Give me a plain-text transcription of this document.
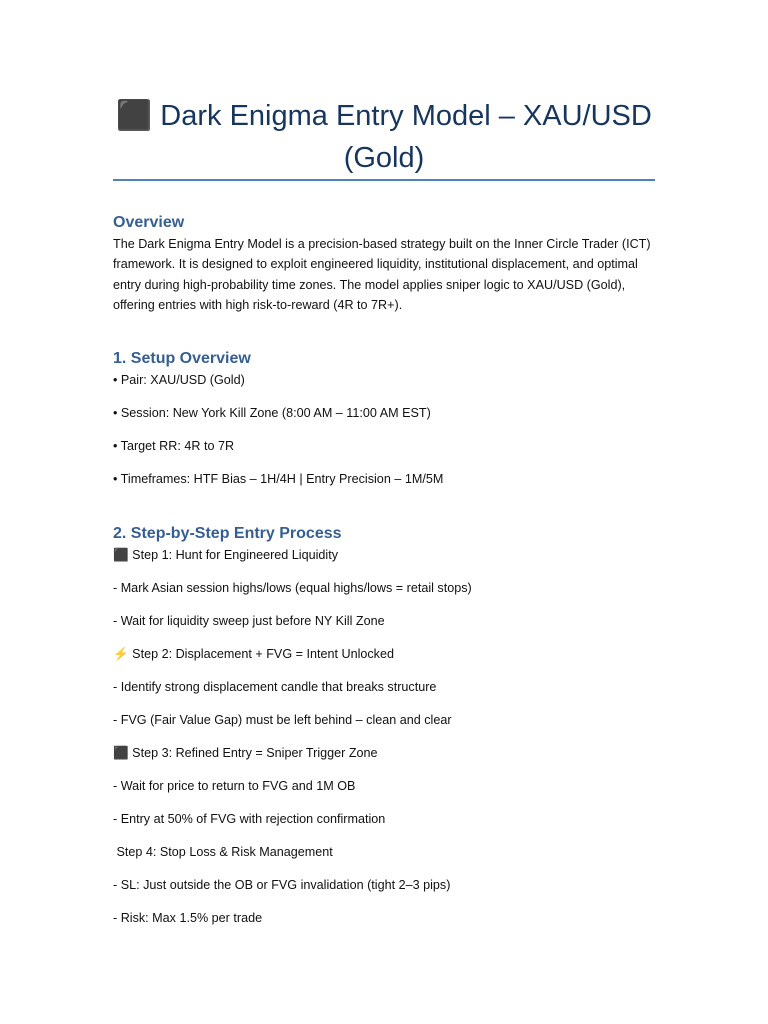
⬛ Dark Enigma Entry Model – XAU/USD (Gold)
Overview

The Dark Enigma Entry Model is a precision-based strategy built on the Inner Circle Trader (ICT) framework. It is designed to exploit engineered liquidity, institutional displacement, and optimal entry during high-probability time zones. The model applies sniper logic to XAU/USD (Gold), offering entries with high risk-to-reward (4R to 7R+).

1. Setup Overview

• Pair: XAU/USD (Gold)

• Session: New York Kill Zone (8:00 AM – 11:00 AM EST)

• Target RR: 4R to 7R

• Timeframes: HTF Bias – 1H/4H | Entry Precision – 1M/5M

2. Step-by-Step Entry Process

⬛ Step 1: Hunt for Engineered Liquidity

- Mark Asian session highs/lows (equal highs/lows = retail stops)

- Wait for liquidity sweep just before NY Kill Zone

⚡ Step 2: Displacement + FVG = Intent Unlocked

- Identify strong displacement candle that breaks structure

- FVG (Fair Value Gap) must be left behind – clean and clear

⬛ Step 3: Refined Entry = Sniper Trigger Zone

- Wait for price to return to FVG and 1M OB

- Entry at 50% of FVG with rejection confirmation

Step 4: Stop Loss & Risk Management

- SL: Just outside the OB or FVG invalidation (tight 2–3 pips)

- Risk: Max 1.5% per trade
